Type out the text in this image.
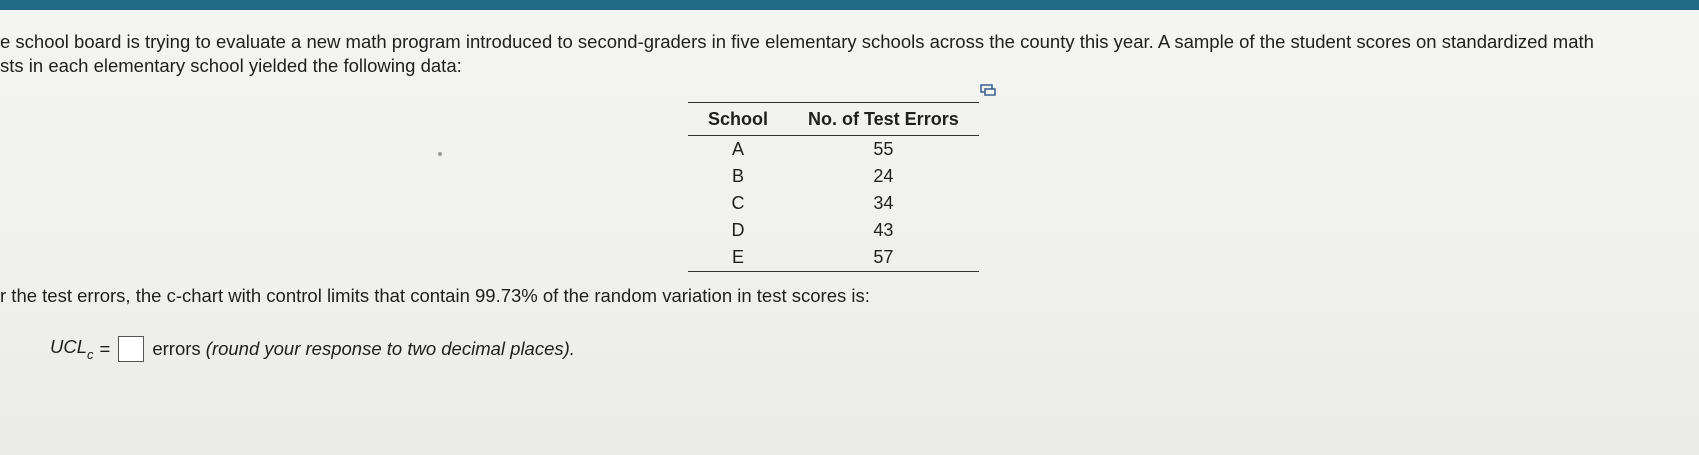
e school board is trying to evaluate a new math program introduced to second-graders in five elementary schools across the county this year. A sample of the student scores on standardized math
sts in each elementary school yielded the following data:
School	No. of Test Errors
A	55
B	24
C	34
D	43
E	57
r the test errors, the c-chart with control limits that contain 99.73% of the random variation in test scores is:
$UCL_c$ = errors (round your response to two decimal places).
